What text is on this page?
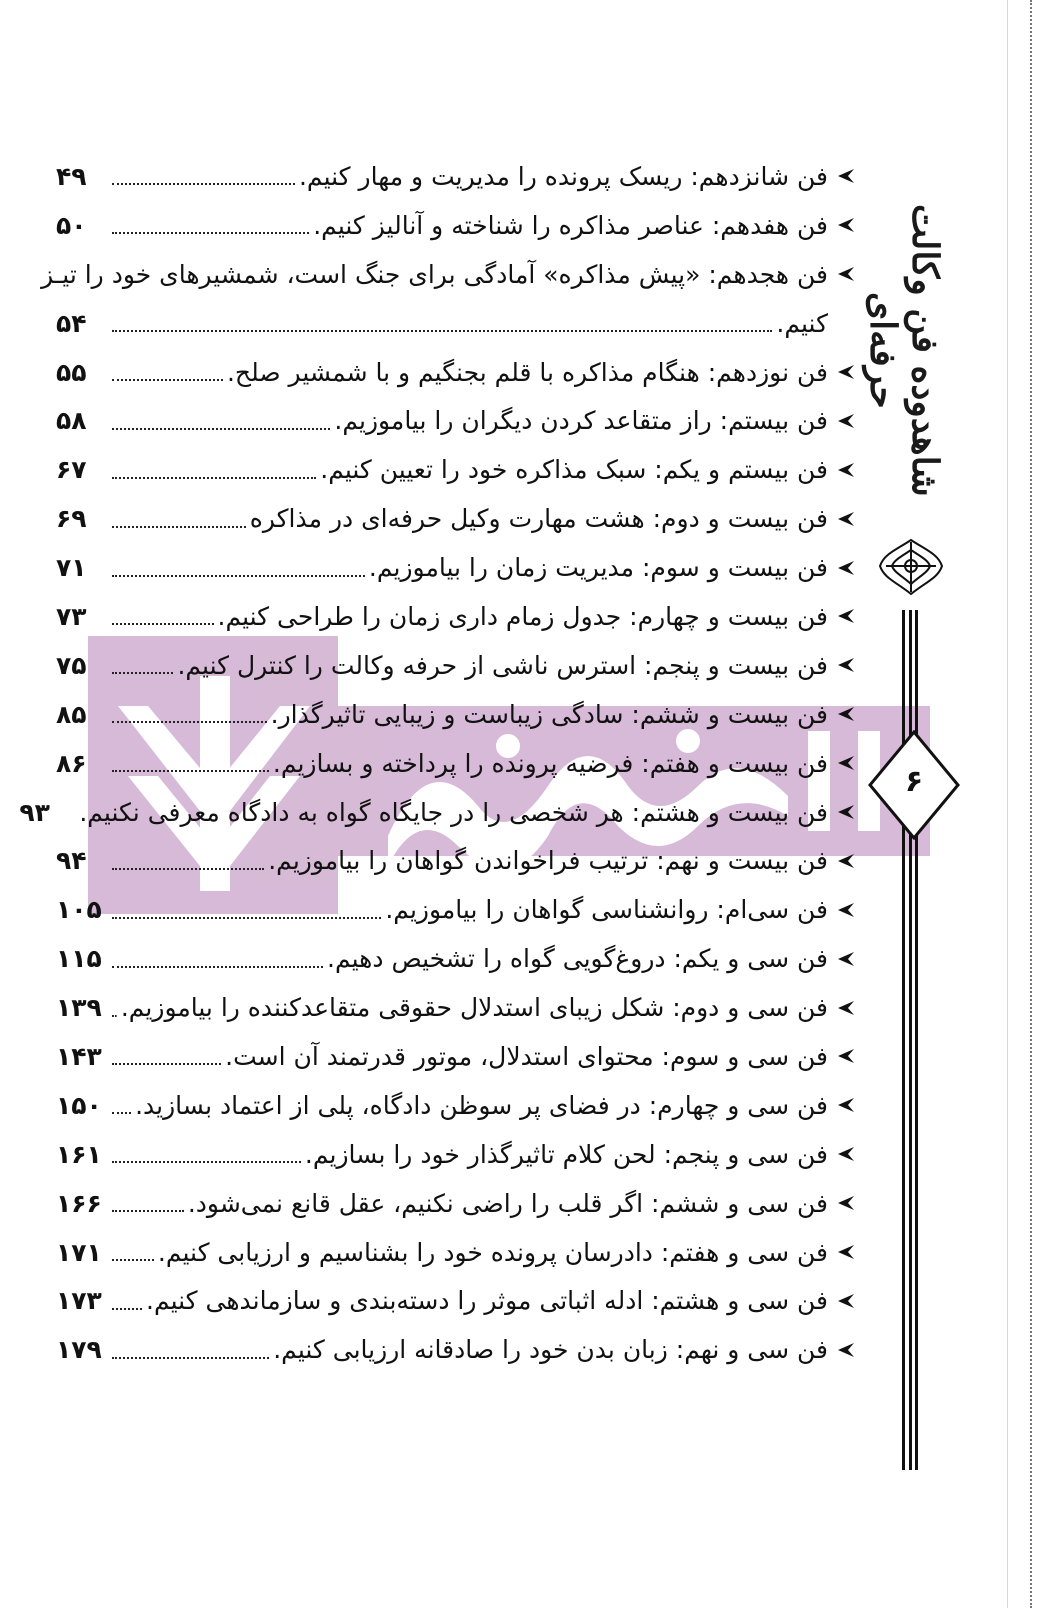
شاهدوده فن وکالت حرفه‌ای
۶
فن شانزدهم: ریسک پرونده را مدیریت و مهار کنیم.
۴۹
فن هفدهم: عناصر مذاکره را شناخته و آنالیز کنیم.
۵۰
فن هجدهم: «پیش مذاکره» آمادگی برای جنگ است، شمشیرهای خود را تیـز
کنیم.
۵۴
فن نوزدهم: هنگام مذاکره با قلم بجنگیم و با شمشیر صلح.
۵۵
فن بیستم: راز متقاعد کردن دیگران را بیاموزیم.
۵۸
فن بیستم و یکم: سبک مذاکره خود را تعیین کنیم.
۶۷
فن بیست و دوم: هشت مهارت وکیل حرفه‌ای در مذاکره
۶۹
فن بیست و سوم: مدیریت زمان را بیاموزیم.
۷۱
فن بیست و چهارم: جدول زمام داری زمان را طراحی کنیم.
۷۳
فن بیست و پنجم: استرس ناشی از حرفه وکالت را کنترل کنیم.
۷۵
فن بیست و ششم: سادگی زیباست و زیبایی تاثیرگذار.
۸۵
فن بیست و هفتم: فرضیه پرونده را پرداخته و بسازیم.
۸۶
فن بیست و هشتم: هر شخصی را در جایگاه گواه به دادگاه معرفی نکنیم.
۹۳
فن بیست و نهم: ترتیب فراخواندن گواهان را بیاموزیم.
۹۴
فن سی‌ام: روانشناسی گواهان را بیاموزیم.
۱۰۵
فن سی و یکم: دروغ‌گویی گواه را تشخیص دهیم.
۱۱۵
فن سی و دوم: شکل زیبای استدلال حقوقی متقاعدکننده را بیاموزیم.
۱۳۹
فن سی و سوم: محتوای استدلال، موتور قدرتمند آن است.
۱۴۳
فن سی و چهارم: در فضای پر سوظن دادگاه، پلی از اعتماد بسازید.
۱۵۰
فن سی و پنجم: لحن کلام تاثیرگذار خود را بسازیم.
۱۶۱
فن سی و ششم: اگر قلب را راضی نکنیم، عقل قانع نمی‌شود.
۱۶۶
فن سی و هفتم: دادرسان پرونده خود را بشناسیم و ارزیابی کنیم.
۱۷۱
فن سی و هشتم: ادله اثباتی موثر را دسته‌بندی و سازماندهی کنیم.
۱۷۳
فن سی و نهم: زبان بدن خود را صادقانه ارزیابی کنیم.
۱۷۹
